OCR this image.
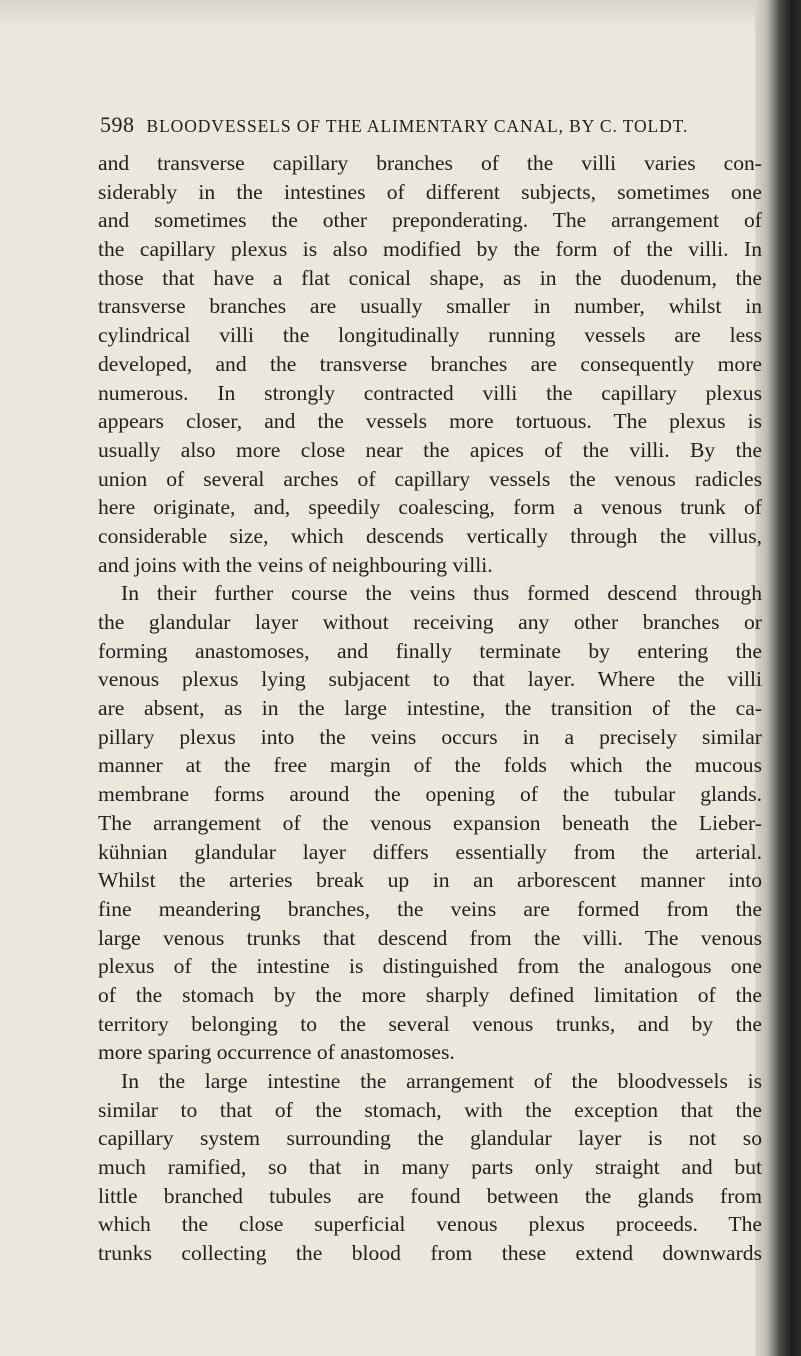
598 BLOODVESSELS OF THE ALIMENTARY CANAL, BY C. TOLDT.
and transverse capillary branches of the villi varies con-
siderably in the intestines of different subjects, sometimes one
and sometimes the other preponderating. The arrangement of
the capillary plexus is also modified by the form of the villi. In
those that have a flat conical shape, as in the duodenum, the
transverse branches are usually smaller in number, whilst in
cylindrical villi the longitudinally running vessels are less
developed, and the transverse branches are consequently more
numerous. In strongly contracted villi the capillary plexus
appears closer, and the vessels more tortuous. The plexus is
usually also more close near the apices of the villi. By the
union of several arches of capillary vessels the venous radicles
here originate, and, speedily coalescing, form a venous trunk of
considerable size, which descends vertically through the villus,
and joins with the veins of neighbouring villi.
In their further course the veins thus formed descend through
the glandular layer without receiving any other branches or
forming anastomoses, and finally terminate by entering the
venous plexus lying subjacent to that layer. Where the villi
are absent, as in the large intestine, the transition of the ca-
pillary plexus into the veins occurs in a precisely similar
manner at the free margin of the folds which the mucous
membrane forms around the opening of the tubular glands.
The arrangement of the venous expansion beneath the Lieber-
kühnian glandular layer differs essentially from the arterial.
Whilst the arteries break up in an arborescent manner into
fine meandering branches, the veins are formed from the
large venous trunks that descend from the villi. The venous
plexus of the intestine is distinguished from the analogous one
of the stomach by the more sharply defined limitation of the
territory belonging to the several venous trunks, and by the
more sparing occurrence of anastomoses.
In the large intestine the arrangement of the bloodvessels is
similar to that of the stomach, with the exception that the
capillary system surrounding the glandular layer is not so
much ramified, so that in many parts only straight and but
little branched tubules are found between the glands from
which the close superficial venous plexus proceeds. The
trunks collecting the blood from these extend downwards
